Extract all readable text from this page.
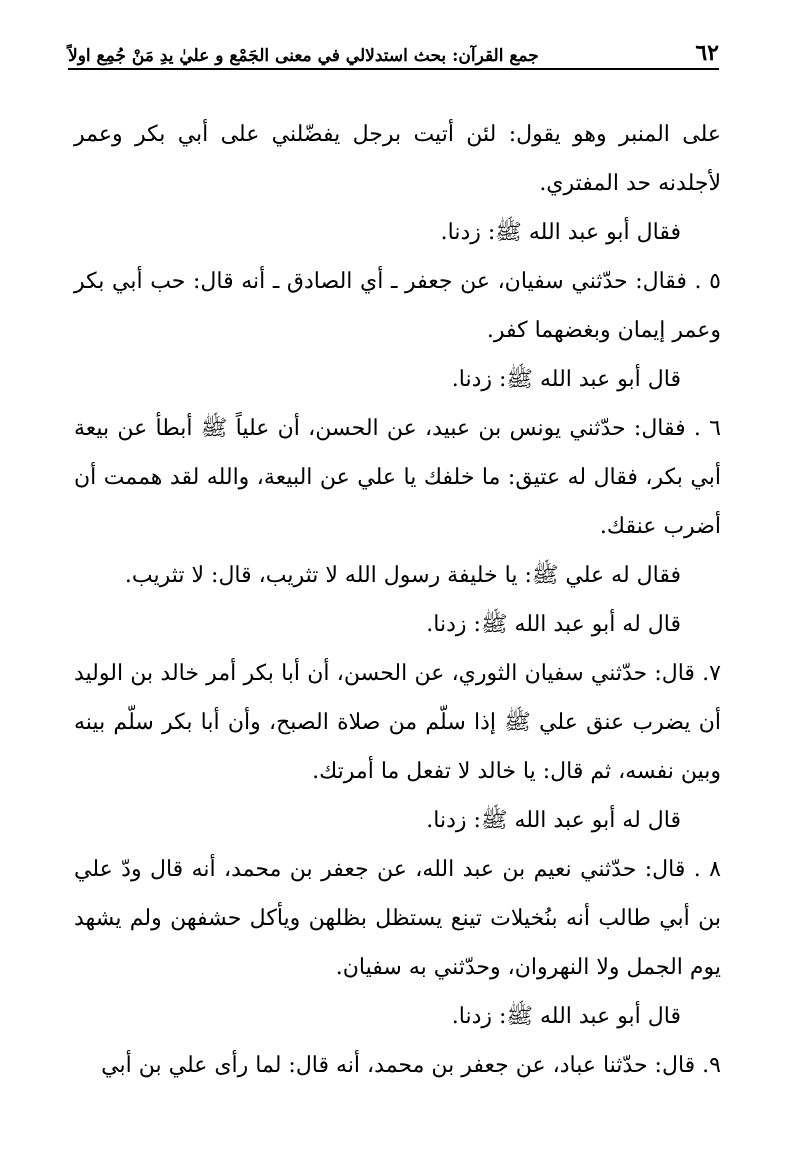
٦٢
جمع القرآن: بحث استدلالي في معنى الجَمْع و عليٰ يدِ مَنْ جُمِع اولاً

على المنبر وهو يقول: لئن أتيت برجل يفضّلني على أبي بكر وعمر لأجلدنه حد المفتري.

فقال أبو عبد الله ﷺ: زدنا.

٥ . فقال: حدّثني سفيان، عن جعفر ـ أي الصادق ـ أنه قال: حب أبي بكر وعمر إيمان وبغضهما كفر.

قال أبو عبد الله ﷺ: زدنا.

٦ . فقال: حدّثني يونس بن عبيد، عن الحسن، أن علياً ﷺ أبطأ عن بيعة أبي بكر، فقال له عتيق: ما خلفك يا علي عن البيعة، والله لقد هممت أن أضرب عنقك.

فقال له علي ﷺ: يا خليفة رسول الله لا تثريب، قال: لا تثريب.

قال له أبو عبد الله ﷺ: زدنا.

٧. قال: حدّثني سفيان الثوري، عن الحسن، أن أبا بكر أمر خالد بن الوليد أن يضرب عنق علي ﷺ إذا سلّم من صلاة الصبح، وأن أبا بكر سلّم بينه وبين نفسه، ثم قال: يا خالد لا تفعل ما أمرتك.

قال له أبو عبد الله ﷺ: زدنا.

٨ . قال: حدّثني نعيم بن عبد الله، عن جعفر بن محمد، أنه قال ودّ علي بن أبي طالب أنه بنُخيلات تينع يستظل بظلهن ويأكل حشفهن ولم يشهد يوم الجمل ولا النهروان، وحدّثني به سفيان.

قال أبو عبد الله ﷺ: زدنا.

٩. قال: حدّثنا عباد، عن جعفر بن محمد، أنه قال: لما رأى علي بن أبي
